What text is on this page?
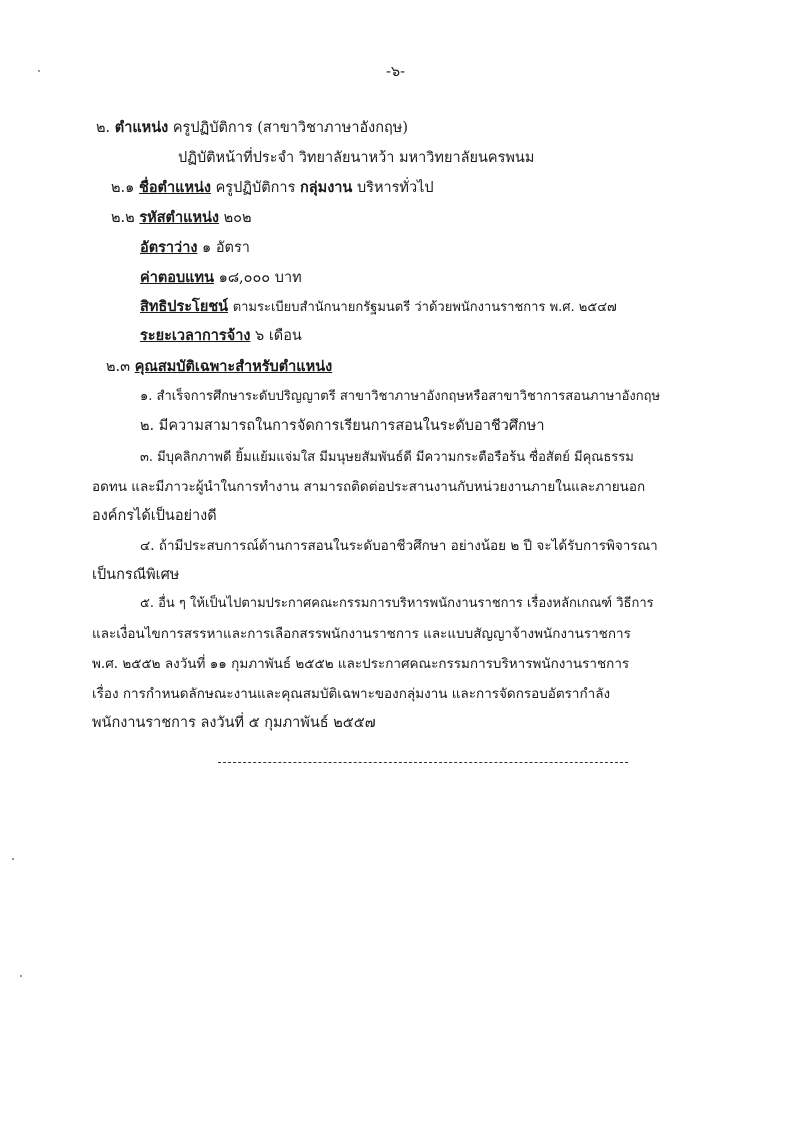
-๖-
๒. ตำแหน่ง ครูปฏิบัติการ (สาขาวิชาภาษาอังกฤษ)
ปฏิบัติหน้าที่ประจำ วิทยาลัยนาหว้า มหาวิทยาลัยนครพนม
๒.๑ ชื่อตำแหน่ง ครูปฏิบัติการ กลุ่มงาน บริหารทั่วไป
๒.๒ รหัสตำแหน่ง ๒๐๒
อัตราว่าง ๑ อัตรา
ค่าตอบแทน ๑๘,๐๐๐ บาท
สิทธิประโยชน์ ตามระเบียบสำนักนายกรัฐมนตรี ว่าด้วยพนักงานราชการ พ.ศ. ๒๕๔๗
ระยะเวลาการจ้าง ๖ เดือน
๒.๓ คุณสมบัติเฉพาะสำหรับตำแหน่ง
๑. สำเร็จการศึกษาระดับปริญญาตรี สาขาวิชาภาษาอังกฤษหรือสาขาวิชาการสอนภาษาอังกฤษ
๒. มีความสามารถในการจัดการเรียนการสอนในระดับอาชีวศึกษา
๓. มีบุคลิกภาพดี ยิ้มแย้มแจ่มใส มีมนุษยสัมพันธ์ดี มีความกระตือรือร้น ซื่อสัตย์ มีคุณธรรม
อดทน และมีภาวะผู้นำในการทำงาน สามารถติดต่อประสานงานกับหน่วยงานภายในและภายนอก
องค์กรได้เป็นอย่างดี
๔. ถ้ามีประสบการณ์ด้านการสอนในระดับอาชีวศึกษา อย่างน้อย ๒ ปี จะได้รับการพิจารณา
เป็นกรณีพิเศษ
๕. อื่น ๆ ให้เป็นไปตามประกาศคณะกรรมการบริหารพนักงานราชการ เรื่องหลักเกณฑ์ วิธีการ
และเงื่อนไขการสรรหาและการเลือกสรรพนักงานราชการ และแบบสัญญาจ้างพนักงานราชการ
พ.ศ. ๒๕๕๒ ลงวันที่ ๑๑ กุมภาพันธ์ ๒๕๕๒ และประกาศคณะกรรมการบริหารพนักงานราชการ
เรื่อง การกำหนดลักษณะงานและคุณสมบัติเฉพาะของกลุ่มงาน และการจัดกรอบอัตรากำลัง
พนักงานราชการ ลงวันที่ ๕ กุมภาพันธ์ ๒๕๕๗
